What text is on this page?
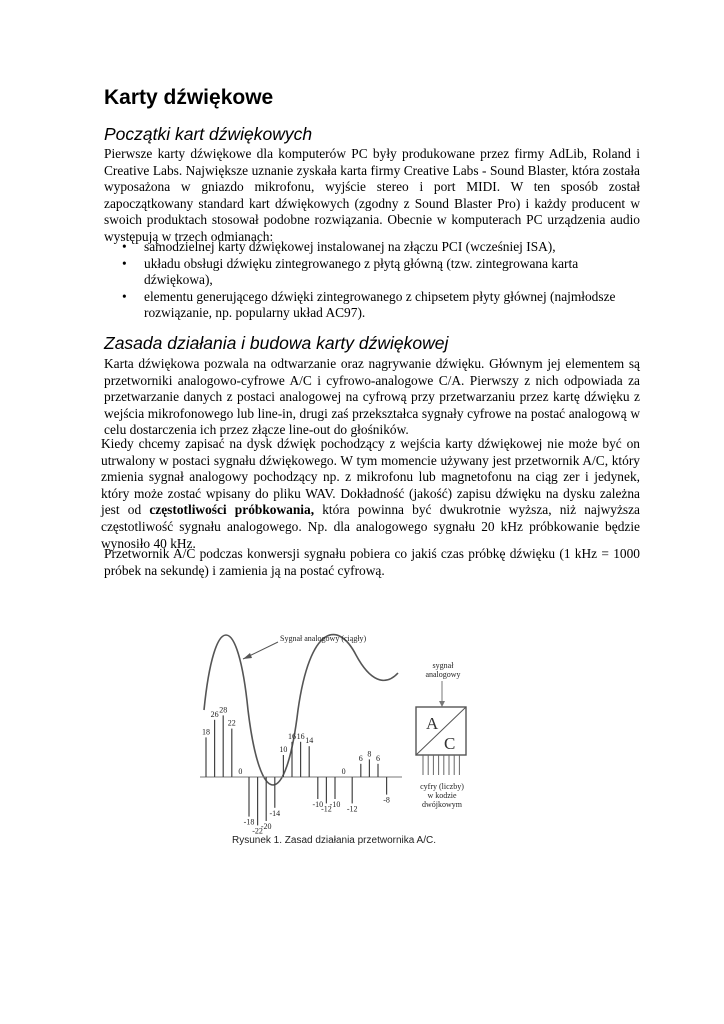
Karty dźwiękowe
Początki kart dźwiękowych

Pierwsze karty dźwiękowe dla komputerów PC były produkowane przez firmy AdLib, Roland i Creative Labs. Największe uznanie zyskała karta firmy Creative Labs - Sound Blaster, która została wyposażona w gniazdo mikrofonu, wyjście stereo i port MIDI. W ten sposób został zapoczątkowany standard kart dźwiękowych (zgodny z Sound Blaster Pro) i każdy producent w swoich produktach stosował podobne rozwiązania. Obecnie w komputerach PC urządzenia audio występują w trzech odmianach:

• samodzielnej karty dźwiękowej instalowanej na złączu PCI (wcześniej ISA),
• układu obsługi dźwięku zintegrowanego z płytą główną (tzw. zintegrowana karta dźwiękowa),
• elementu generującego dźwięki zintegrowanego z chipsetem płyty głównej (najmłodsze rozwiązanie, np. popularny układ AC97).
Zasada działania i budowa karty dźwiękowej

Karta dźwiękowa pozwala na odtwarzanie oraz nagrywanie dźwięku. Głównym jej elementem są przetworniki analogowo-cyfrowe A/C i cyfrowo-analogowe C/A. Pierwszy z nich odpowiada za przetwarzanie danych z postaci analogowej na cyfrową przy przetwarzaniu przez kartę dźwięku z wejścia mikrofonowego lub line-in, drugi zaś przekształca sygnały cyfrowe na postać analogową w celu dostarczenia ich przez złącze line-out do głośników.

Kiedy chcemy zapisać na dysk dźwięk pochodzący z wejścia karty dźwiękowej nie może być on utrwalony w postaci sygnału dźwiękowego. W tym momencie używany jest przetwornik A/C, który zmienia sygnał analogowy pochodzący np. z mikrofonu lub magnetofonu na ciąg zer i jedynek, który może zostać wpisany do pliku WAV. Dokładność (jakość) zapisu dźwięku na dysku zależna jest od częstotliwości próbkowania, która powinna być dwukrotnie wyższa, niż najwyższa częstotliwość sygnału analogowego. Np. dla analogowego sygnału 20 kHz próbkowanie będzie wynosiło 40 kHz.

Przetwornik A/C podczas konwersji sygnału pobiera co jakiś czas próbkę dźwięku (1 kHz = 1000 próbek na sekundę) i zamienia ją na postać cyfrową.

Sygnał analogowy (ciągły)
18
26 28
22
0
-18
-22
-20
-14
10
16 16 14
-10
-12
-10
0
-12
6 8 6
-8
sygnał
analogowy
A
C
cyfry (liczby)
w kodzie
dwójkowym
Rysunek 1. Zasad działania przetwornika A/C.
